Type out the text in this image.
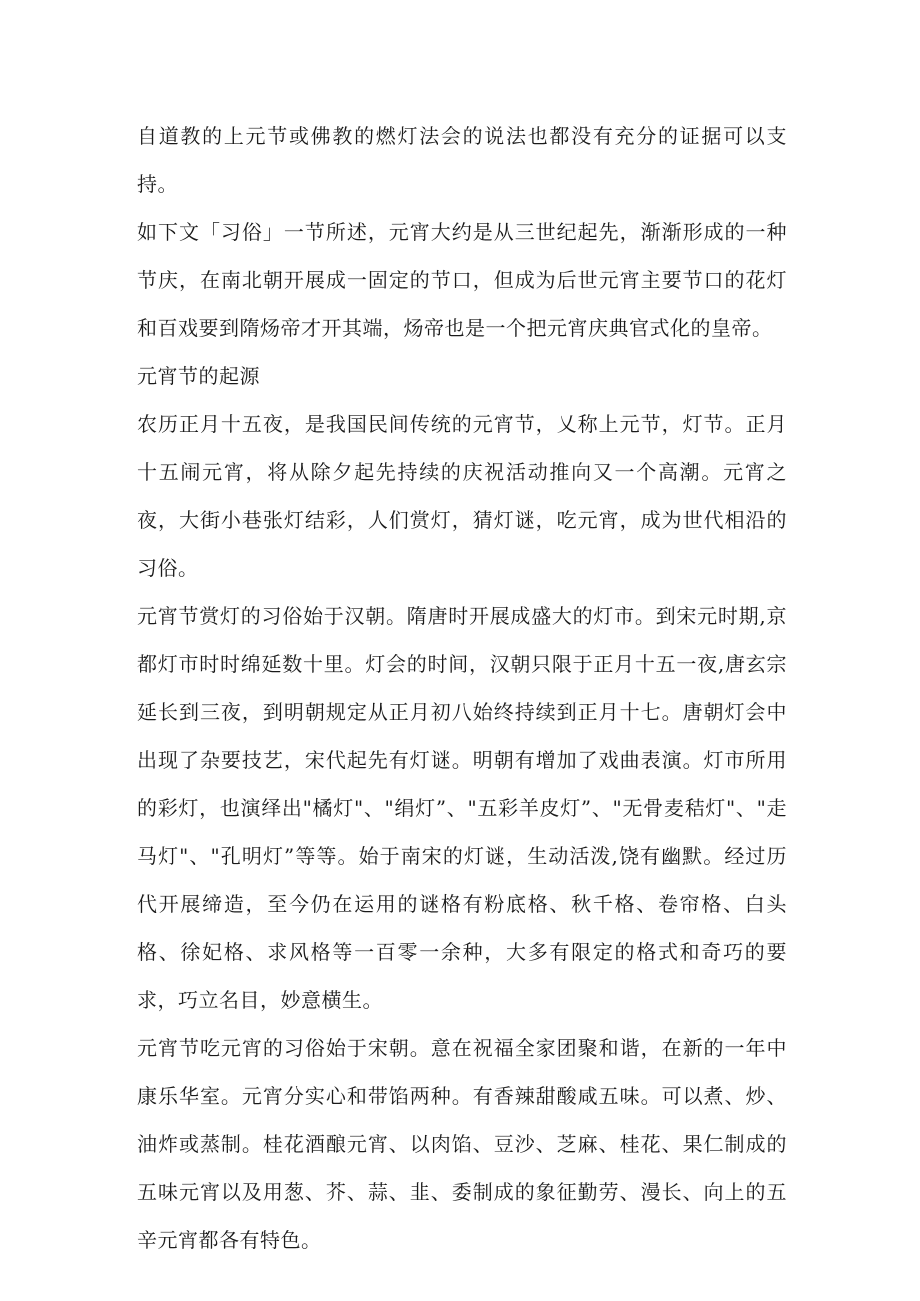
自道教的上元节或佛教的燃灯法会的说法也都没有充分的证据可以支持。

如下文「习俗」一节所述，元宵大约是从三世纪起先，渐渐形成的一种节庆，在南北朝开展成一固定的节口，但成为后世元宵主要节口的花灯和百戏要到隋炀帝才开其端，炀帝也是一个把元宵庆典官式化的皇帝。

元宵节的起源

农历正月十五夜，是我国民间传统的元宵节，乂称上元节，灯节。正月十五闹元宵，将从除夕起先持续的庆祝活动推向又一个高潮。元宵之夜，大街小巷张灯结彩，人们赏灯，猜灯谜，吃元宵，成为世代相沿的习俗。

元宵节赏灯的习俗始于汉朝。隋唐时开展成盛大的灯市。到宋元时期,京都灯市时时绵延数十里。灯会的时间，汉朝只限于正月十五一夜,唐玄宗延长到三夜，到明朝规定从正月初八始终持续到正月十七。唐朝灯会中出现了杂要技艺，宋代起先有灯谜。明朝有增加了戏曲表演。灯市所用的彩灯，也演绎出"橘灯"、"绢灯”、"五彩羊皮灯”、"无骨麦秸灯"、"走马灯"、"孔明灯”等等。始于南宋的灯谜，生动活泼,饶有幽默。经过历代开展缔造，至今仍在运用的谜格有粉底格、秋千格、卷帘格、白头格、徐妃格、求风格等一百零一余种，大多有限定的格式和奇巧的要求，巧立名目，妙意横生。

元宵节吃元宵的习俗始于宋朝。意在祝福全家团聚和谐，在新的一年中康乐华室。元宵分实心和带馅两种。有香辣甜酸咸五味。可以煮、炒、油炸或蒸制。桂花酒酿元宵、以肉馅、豆沙、芝麻、桂花、果仁制成的五味元宵以及用葱、芥、蒜、韭、委制成的象征勤劳、漫长、向上的五辛元宵都各有特色。
